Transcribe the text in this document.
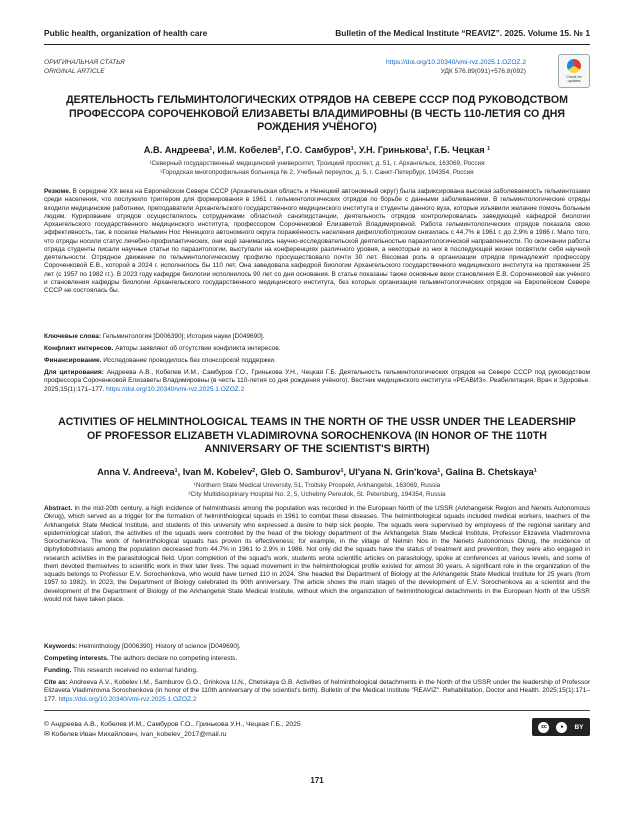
Public health, organization of health care	Bulletin of the Medical Institute “REAVIZ”. 2025. Volume 15. № 1
ОРИГИНАЛЬНАЯ СТАТЬЯ
ORIGINAL ARTICLE
https://doi.org/10.20340/vmi-rvz.2025.1.OZOZ.2
УДК 576.89(091)+576.8(092)
Check for
updates
ДЕЯТЕЛЬНОСТЬ ГЕЛЬМИНТОЛОГИЧЕСКИХ ОТРЯДОВ НА СЕВЕРЕ СССР ПОД РУКОВОДСТВОМ ПРОФЕССОРА СОРОЧЕНКОВОЙ ЕЛИЗАВЕТЫ ВЛАДИМИРОВНЫ (В ЧЕСТЬ 110-ЛЕТИЯ СО ДНЯ РОЖДЕНИЯ УЧЁНОГО)
А.В. Андреева¹, И.М. Кобелев², Г.О. Самбуров¹, У.Н. Гринькова¹, Г.Б. Чецкая ¹
¹Северный государственный медицинский университет, Троицкий проспект, д. 51, г. Архангельск, 163069, Россия
²Городская многопрофильная больница № 2, Учебный переулок, д. 5, г. Санкт-Петербург, 194354, Россия
Резюме. В середине XX века на Европейском Севере СССР (Архангельская область и Ненецкий автономный округ) была зафиксирована высокая заболеваемость гельминтозами среди населения, что послужило триггером для формирования в 1961 г. гельминтологических отрядов по борьбе с данными заболеваниями. В гельминтологические отряды входили медицинские работники, преподаватели Архангельского государственного медицинского института и студенты данного вуза, которые изъявили желание помочь больным людям. Курирование отрядов осуществлялось сотрудниками областной санэпидстанции, деятельность отрядов контролировалась заведующей кафедрой биологии Архангельского государственного медицинского института, профессором Сороченковой Елизаветой Владимировной. Работа гельминтологических отрядов показала свою эффективность, так, в поселке Нельмин Нос Ненецкого автономного округа поражённость населения дифиллоботриозом снизилась с 44,7% в 1961 г. до 2,9% в 1986 г. Мало того, что отряды носили статус лечебно-профилактических, они ещё занимались научно-исследовательской деятельностью паразитологической направленности. По окончании работы отряда студенты писали научные статьи по паразитологии, выступали на конференциях различного уровня, а некоторые из них в последующей жизни посвятили себя научной деятельности. Отрядное движение по гельминтологическому профилю просуществовало почти 30 лет. Весомая роль в организации отрядов принадлежит профессору Сороченковой Е.В., которой в 2024 г. исполнилось бы 110 лет. Она заведовала кафедрой биологии Архангельского государственного медицинского института на протяжении 25 лет (с 1957 по 1982 гг.). В 2023 году кафедре биологии исполнилось 90 лет со дня основания. В статье показаны также основные вехи становления Е.В. Сороченковой как учёного и становления кафедры биологии Архангельского государственного медицинского института, без которых организация гельминтологических отрядов на Европейском Севере СССР не состоялась бы.
Ключевые слова: Гельминтология [D006390]; История науки [D049690].
Конфликт интересов. Авторы заявляют об отсутствии конфликта интересов.
Финансирование. Исследование проводилось без спонсорской поддержки.
Для цитирования: Андреева А.В., Кобелев И.М., Самбуров Г.О., Гринькова У.Н., Чецкая Г.Б. Деятельность гельминтологических отрядов на Севере СССР под руководством профессора Сороченковой Елизаветы Владимировны (в честь 110-летия со дня рождения учёного). Вестник медицинского института «РЕАВИЗ». Реабилитация, Врач и Здоровье. 2025;15(1):171–177. https://doi.org/10.20340/vmi-rvz.2025.1.OZOZ.2
ACTIVITIES OF HELMINTHOLOGICAL TEAMS IN THE NORTH OF THE USSR UNDER THE LEADERSHIP OF PROFESSOR ELIZABETH VLADIMIROVNA SOROCHENKOVA (IN HONOR OF THE 110TH ANNIVERSARY OF THE SCIENTIST'S BIRTH)
Anna V. Andreeva¹, Ivan M. Kobelev², Gleb O. Samburov¹, Ul'yana N. Grin'kova¹, Galina B. Chetskaya¹
¹Northern State Medical University, 51, Troitsky Prospekt, Arkhangelsk, 163069, Russia
²City Multidisciplinary Hospital No. 2, 5, Uchebny Pereulok, St. Petersburg, 194354, Russia
Abstract. In the mid-20th century, a high incidence of helminthiasis among the population was recorded in the European North of the USSR (Arkhangelsk Region and Nenets Autonomous Okrug), which served as a trigger for the formation of helminthological squads in 1961 to combat these diseases. The helminthological squads included medical workers, teachers of the Arkhangelsk State Medical Institute, and students of this university who expressed a desire to help sick people. The squads were supervised by employees of the regional sanitary and epidemiological station, the activities of the squads were controlled by the head of the biology department of the Arkhangelsk State Medical Institute, Professor Elizaveta Vladimirovna Sorochenkova. The work of helminthological squads has proven its effectiveness; for example, in the village of Nelmin Nos in the Nenets Autonomous Okrug, the incidence of diphyllobothriasis among the population decreased from 44.7% in 1961 to 2.9% in 1986. Not only did the squads have the status of treatment and prevention, they were also engaged in research activities in the parasitological field. Upon completion of the squad's work, students wrote scientific articles on parasitology, spoke at conferences at various levels, and some of them devoted themselves to scientific work in their later lives. The squad movement in the helminthological profile existed for almost 30 years. A significant role in the organization of the squads belongs to Professor E.V. Sorochenkova, who would have turned 110 in 2024. She headed the Department of Biology at the Arkhangelsk State Medical Institute for 25 years (from 1957 to 1982). In 2023, the Department of Biology celebrated its 90th anniversary. The article shows the main stages of the development of E.V. Sorochenkova as a scientist and the development of the Department of Biology of the Arkhangelsk State Medical Institute, without which the organization of helminthological detachments in the European North of the USSR would not have taken place.
Keywords: Helminthology [D006390]; History of science [D049690].
Competing interests. The authors declare no competing interests.
Funding. This research received no external funding.
Cite as: Andreeva A.V., Kobelev I.M., Samburov G.O., Grinkova U.N., Chetskaya G.B. Activities of helminthological detachments in the North of the USSR under the leadership of Professor Elizaveta Vladimirovna Sorochenkova (in honor of the 110th anniversary of the scientist's birth). Bulletin of the Medical Institute "REAVIZ". Rehabilitation, Doctor and Health. 2025;15(1):171–177. https://doi.org/10.20340/vmi-rvz.2025.1.OZOZ.2
© Андреева А.В., Кобелев И.М., Самбуров Г.О., Гринькова У.Н., Чецкая Г.Б., 2025
✉ Кобелев Иван Михайлович, ivan_kobelev_2017@mail.ru
cc	●	BY
171
